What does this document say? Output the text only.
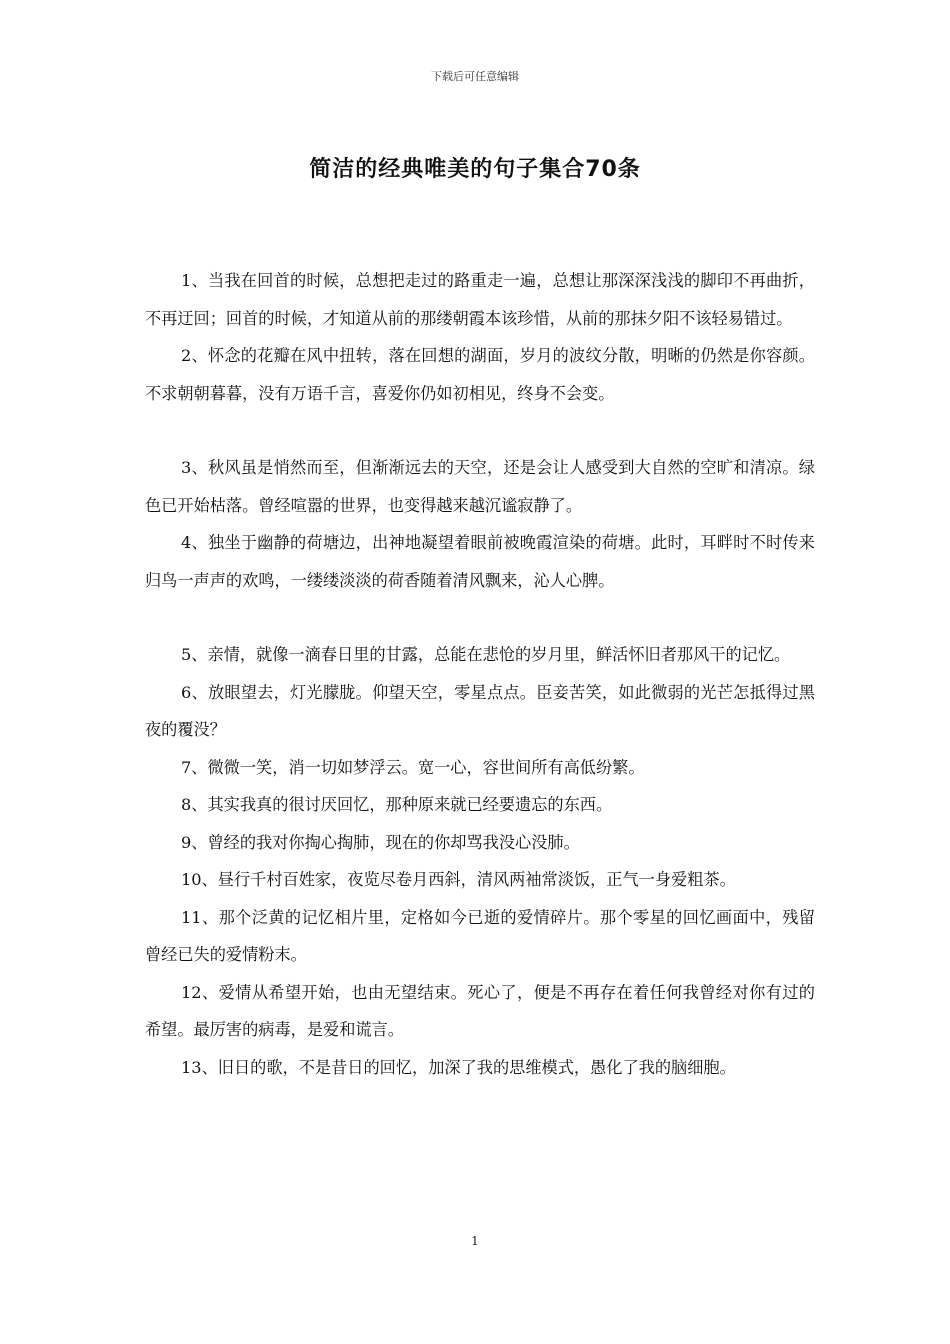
下载后可任意编辑
简洁的经典唯美的句子集合70条

1、当我在回首的时候，总想把走过的路重走一遍，总想让那深深浅浅的脚印不再曲折，不再迂回；回首的时候，才知道从前的那缕朝霞本该珍惜，从前的那抹夕阳不该轻易错过。

2、怀念的花瓣在风中扭转，落在回想的湖面，岁月的波纹分散，明晰的仍然是你容颜。不求朝朝暮暮，没有万语千言，喜爱你仍如初相见，终身不会变。

3、秋风虽是悄然而至，但渐渐远去的天空，还是会让人感受到大自然的空旷和清凉。绿色已开始枯落。曾经喧嚣的世界，也变得越来越沉谧寂静了。

4、独坐于幽静的荷塘边，出神地凝望着眼前被晚霞渲染的荷塘。此时，耳畔时不时传来归鸟一声声的欢鸣，一缕缕淡淡的荷香随着清风飘来，沁人心脾。

5、亲情，就像一滴春日里的甘露，总能在悲怆的岁月里，鲜活怀旧者那风干的记忆。

6、放眼望去，灯光朦胧。仰望天空，零星点点。臣妾苦笑，如此微弱的光芒怎抵得过黑夜的覆没？

7、微微一笑，消一切如梦浮云。宽一心，容世间所有高低纷繁。

8、其实我真的很讨厌回忆，那种原来就已经要遗忘的东西。

9、曾经的我对你掏心掏肺，现在的你却骂我没心没肺。

10、昼行千村百姓家，夜览尽卷月西斜，清风两袖常淡饭，正气一身爱粗茶。

11、那个泛黄的记忆相片里，定格如今已逝的爱情碎片。那个零星的回忆画面中，残留曾经已失的爱情粉末。

12、爱情从希望开始，也由无望结束。死心了，便是不再存在着任何我曾经对你有过的希望。最厉害的病毒，是爱和谎言。

13、旧日的歌，不是昔日的回忆，加深了我的思维模式，愚化了我的脑细胞。

1
